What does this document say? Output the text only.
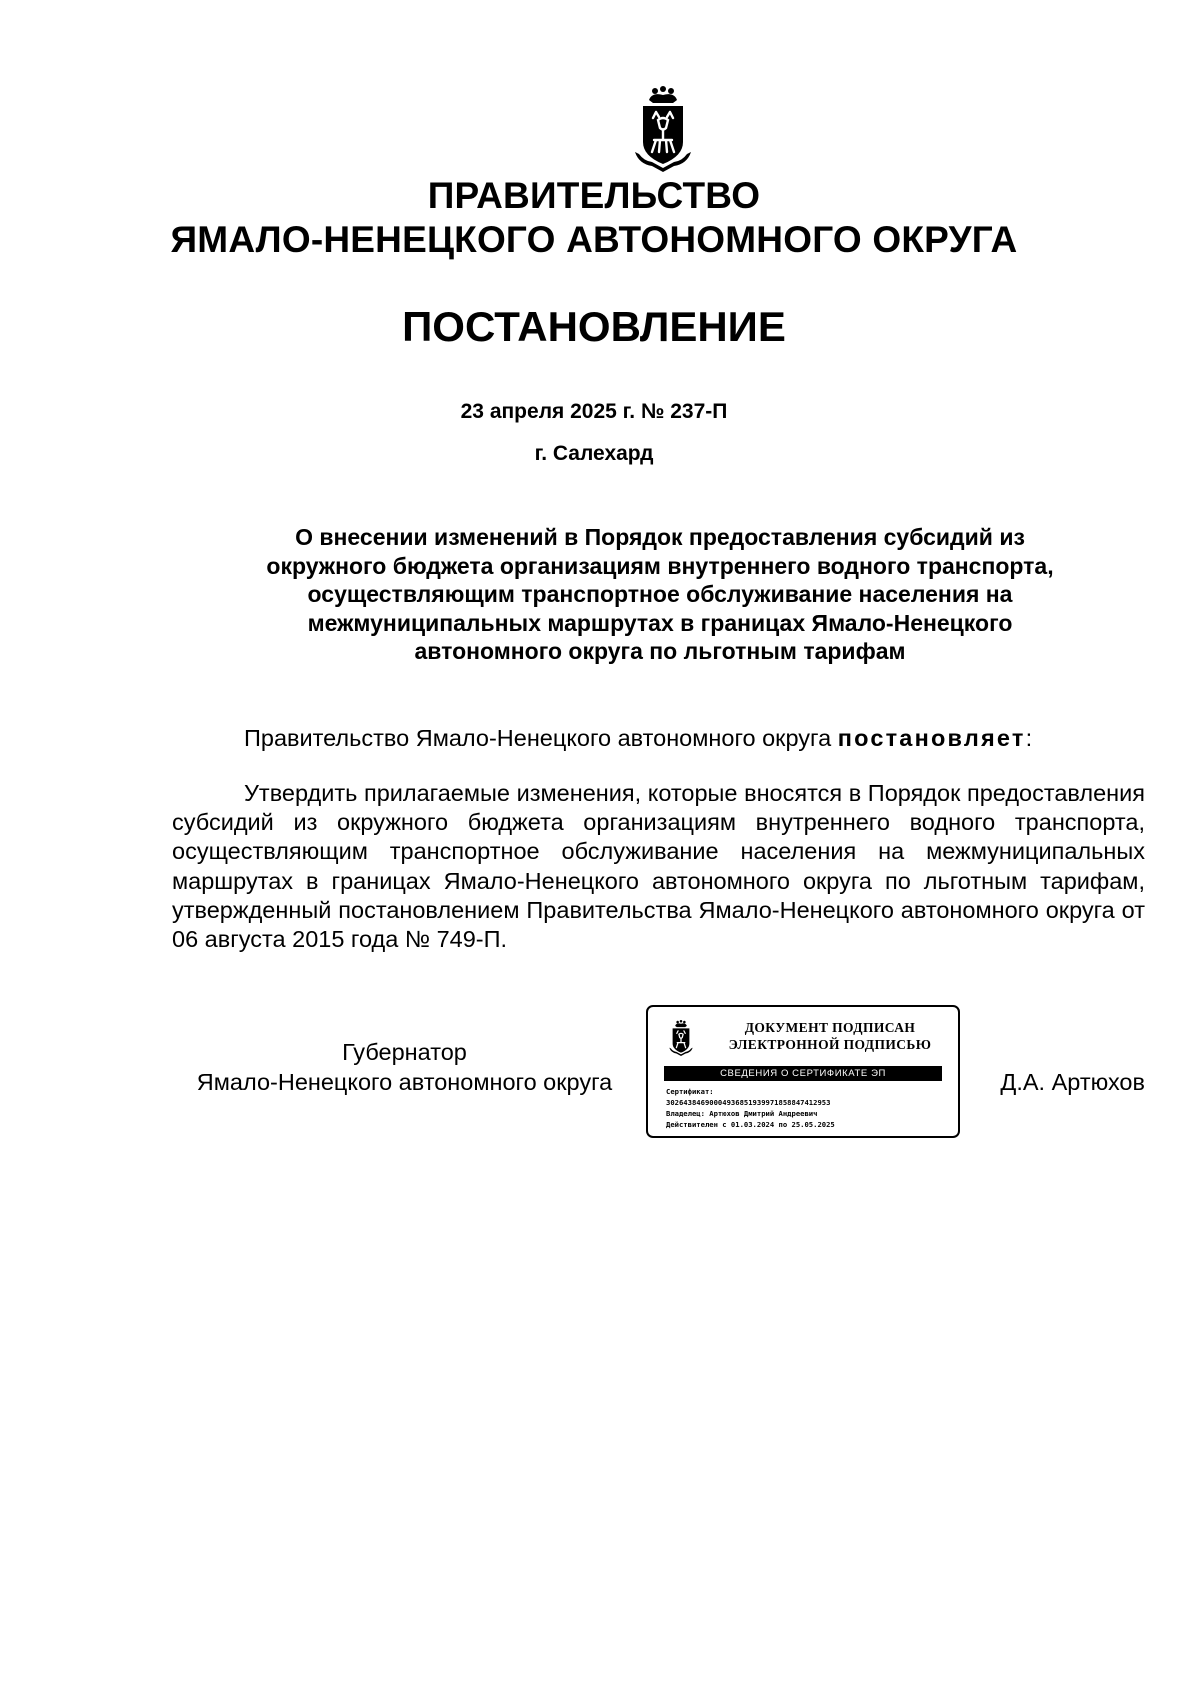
ПРАВИТЕЛЬСТВО
ЯМАЛО-НЕНЕЦКОГО АВТОНОМНОГО ОКРУГА
ПОСТАНОВЛЕНИЕ
23 апреля 2025 г. № 237-П
г. Салехард
О внесении изменений в Порядок предоставления субсидий из
окружного бюджета организациям внутреннего водного транспорта,
осуществляющим транспортное обслуживание населения на
межмуниципальных маршрутах в границах Ямало-Ненецкого
автономного округа по льготным тарифам
Правительство Ямало-Ненецкого автономного округа постановляет:
Утвердить прилагаемые изменения, которые вносятся в Порядок предоставления субсидий из окружного бюджета организациям внутреннего водного транспорта, осуществляющим транспортное обслуживание населения на межмуниципальных маршрутах в границах Ямало-Ненецкого автономного округа по льготным тарифам, утвержденный постановлением Правительства Ямало-Ненецкого автономного округа от 06 августа 2015 года № 749-П.
Губернатор
Ямало-Ненецкого автономного округа
ДОКУМЕНТ ПОДПИСАН
ЭЛЕКТРОННОЙ ПОДПИСЬЮ
СВЕДЕНИЯ О СЕРТИФИКАТЕ ЭП
Сертификат:
30264384690004936851939971858847412953
Владелец: Артюхов Дмитрий Андреевич
Действителен с 01.03.2024 по 25.05.2025
Д.А. Артюхов
